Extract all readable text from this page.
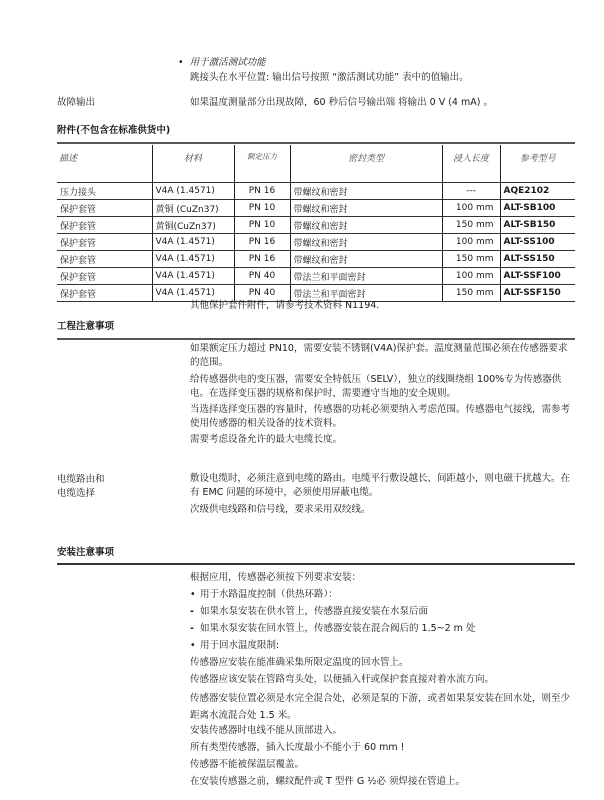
•  用于激活测试功能
跳接头在水平位置: 输出信号按照 “激活测试功能” 表中的值输出。
故障输出	如果温度测量部分出现故障，60 秒后信号输出端 将输出 0 V (4 mA) 。
附件(不包含在标准供货中)
描述	材料	额定压力	密封类型	浸入长度	参考型号
压力接头	V4A (1.4571)	PN 16	带螺纹和密封	---	AQE2102
保护套管	黄铜 (CuZn37)	PN 10	带螺纹和密封	100 mm	ALT-SB100
保护套管	黄铜(CuZn37)	PN 10	带螺纹和密封	150 mm	ALT-SB150
保护套管	V4A (1.4571)	PN 16	带螺纹和密封	100 mm	ALT-SS100
保护套管	V4A (1.4571)	PN 16	带螺纹和密封	150 mm	ALT-SS150
保护套管	V4A (1.4571)	PN 40	带法兰和平面密封	100 mm	ALT-SSF100
保护套管	V4A (1.4571)	PN 40	带法兰和平面密封	150 mm	ALT-SSF150
其他保护套件附件，请参考技术资料 N1194.
工程注意事项
如果额定压力超过 PN10，需要安装不锈钢(V4A)保护套。温度测量范围必须在传感器要求的范围。
给传感器供电的变压器，需要安全特低压（SELV），独立的线圈绕组 100%专为传感器供电。在选择变压器的规格和保护时，需要遵守当地的安全规则。
当选择选择变压器的容量时，传感器的功耗必须要纳入考虑范围。传感器电气接线，需参考使用传感器的相关设备的技术资料。
需要考虑设备允许的最大电缆长度。
电缆路由和
电缆选择
敷设电缆时，必须注意到电缆的路由。电缆平行敷设越长、间距越小，则电磁干扰越大。在有 EMC 问题的环境中，必须使用屏蔽电缆。
次级供电线路和信号线，要求采用双绞线。
安装注意事项
根据应用，传感器必须按下列要求安装：
• 用于水路温度控制（供热环路）：
- 如果水泵安装在供水管上，传感器直接安装在水泵后面
- 如果水泵安装在回水管上，传感器安装在混合阀后的 1.5~2 m 处
• 用于回水温度限制:
传感器应安装在能准确采集所限定温度的回水管上。
传感器应该安装在管路弯头处，以便插入杆或保护套直接对着水流方向。
传感器安装位置必须是水完全混合处，必须是泵的下游，或者如果泵安装在回水处，则至少距离水流混合处 1.5 米。
安装传感器时电线不能从顶部进入。
所有类型传感器，插入长度最小不能小于 60 mm !
传感器不能被保温层覆盖。
在安装传感器之前，螺纹配件或 T 型件 G ½必 须焊接在管道上。
